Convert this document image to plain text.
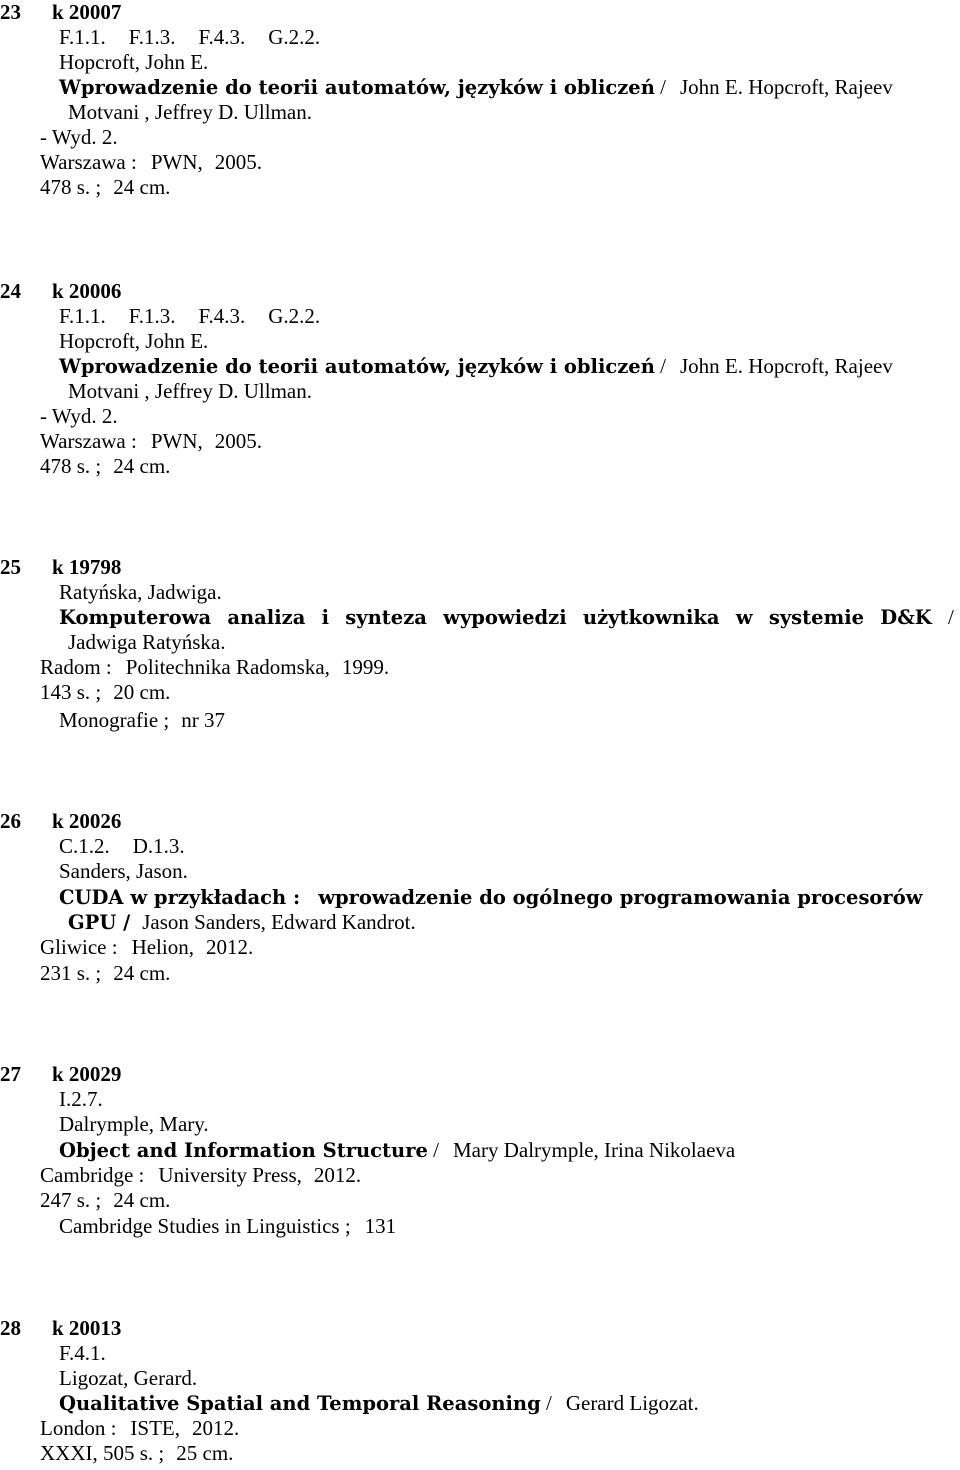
23 k 20007
F.1.1. F.1.3. F.4.3. G.2.2.
Hopcroft, John E.
Wprowadzenie do teorii automatów, języków i obliczeń / John E. Hopcroft, Rajeev
Motvani , Jeffrey D. Ullman.
- Wyd. 2.
Warszawa : PWN, 2005.
478 s. ; 24 cm.
24 k 20006
F.1.1. F.1.3. F.4.3. G.2.2.
Hopcroft, John E.
Wprowadzenie do teorii automatów, języków i obliczeń / John E. Hopcroft, Rajeev
Motvani , Jeffrey D. Ullman.
- Wyd. 2.
Warszawa : PWN, 2005.
478 s. ; 24 cm.
25 k 19798
Ratyńska, Jadwiga.
Komputerowa analiza i synteza wypowiedzi użytkownika w systemie D&K /
Jadwiga Ratyńska.
Radom : Politechnika Radomska, 1999.
143 s. ; 20 cm.
Monografie ; nr 37
26 k 20026
C.1.2. D.1.3.
Sanders, Jason.
CUDA w przykładach : wprowadzenie do ogólnego programowania procesorów
GPU / Jason Sanders, Edward Kandrot.
Gliwice : Helion, 2012.
231 s. ; 24 cm.
27 k 20029
I.2.7.
Dalrymple, Mary.
Object and Information Structure / Mary Dalrymple, Irina Nikolaeva
Cambridge : University Press, 2012.
247 s. ; 24 cm.
Cambridge Studies in Linguistics ; 131
28 k 20013
F.4.1.
Ligozat, Gerard.
Qualitative Spatial and Temporal Reasoning / Gerard Ligozat.
London : ISTE, 2012.
XXXI, 505 s. ; 25 cm.
